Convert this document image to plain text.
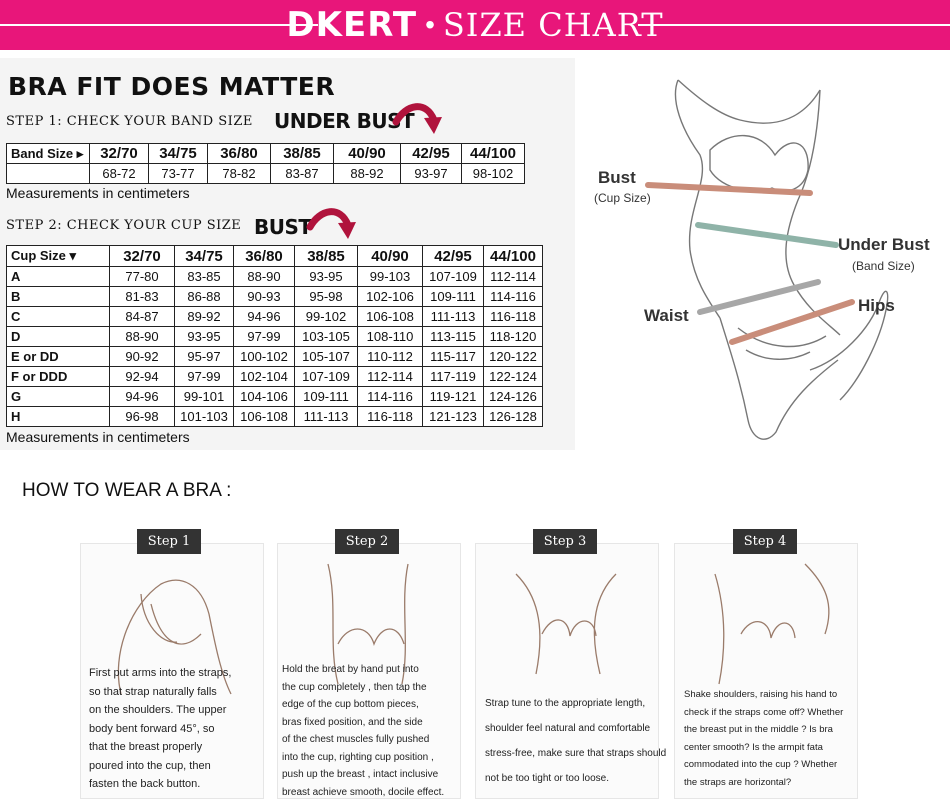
DKERT • SIZE CHART
BRA FIT DOES MATTER
STEP 1: CHECK YOUR BAND SIZE UNDER BUST
Band Size ▸	32/70	34/75	36/80	38/85	40/90	42/95	44/100
	68-72	73-77	78-82	83-87	88-92	93-97	98-102
Measurements in centimeters
STEP 2: CHECK YOUR CUP SIZE BUST
Cup Size ▾	32/70	34/75	36/80	38/85	40/90	42/95	44/100
A	77-80	83-85	88-90	93-95	99-103	107-109	112-114
B	81-83	86-88	90-93	95-98	102-106	109-111	114-116
C	84-87	89-92	94-96	99-102	106-108	111-113	116-118
D	88-90	93-95	97-99	103-105	108-110	113-115	118-120
E or DD	90-92	95-97	100-102	105-107	110-112	115-117	120-122
F or DDD	92-94	97-99	102-104	107-109	112-114	117-119	122-124
G	94-96	99-101	104-106	109-111	114-116	119-121	124-126
H	96-98	101-103	106-108	111-113	116-118	121-123	126-128
Measurements in centimeters
Bust
(Cup Size)
Under Bust
(Band Size)
Waist
Hips
HOW TO WEAR A BRA :
Step 1	Step 2	Step 3	Step 4
First put arms into the straps,
so that strap naturally falls
on the shoulders. The upper
body bent forward 45°, so
that the breast properly
poured into the cup, then
fasten the back button.
Hold the breat by hand put into
the cup completely , then tap the
edge of the cup bottom pieces,
bras fixed position, and the side
of the chest muscles fully pushed
into the cup, righting cup position ,
push up the breast , intact inclusive
breast achieve smooth, docile effect.
Strap tune to the appropriate length,
shoulder feel natural and comfortable
stress-free, make sure that straps should
not be too tight or too loose.
Shake shoulders, raising his hand to
check if the straps come off? Whether
the breast put in the middle ? Is bra
center smooth? Is the armpit fata
commodated into the cup ? Whether
the straps are horizontal?
